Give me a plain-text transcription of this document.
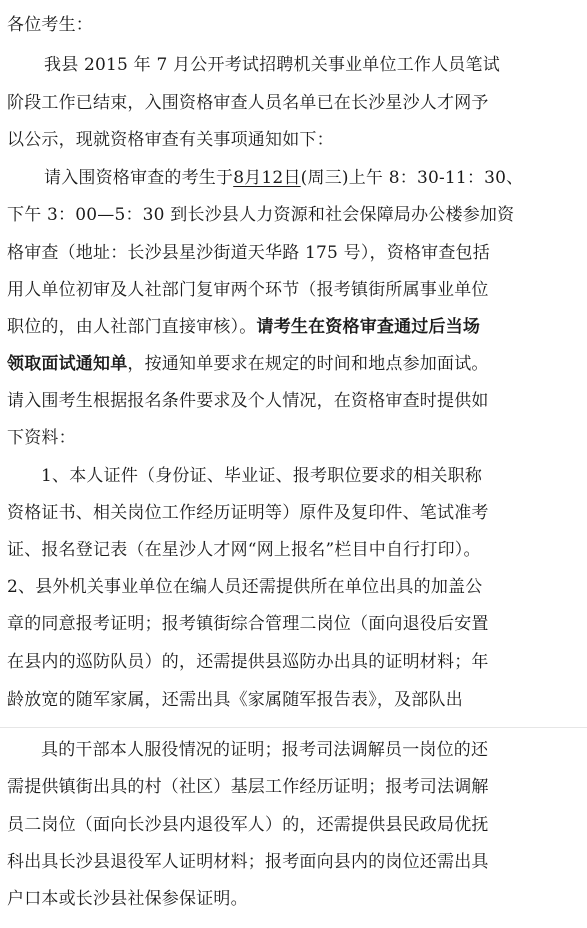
各位考生：
我县 2015 年 7 月公开考试招聘机关事业单位工作人员笔试
阶段工作已结束，入围资格审查人员名单已在长沙星沙人才网予
以公示，现就资格审查有关事项通知如下：
请入围资格审查的考生于8月12日(周三)上午 8：30-11：30、
下午 3：00—5：30 到长沙县人力资源和社会保障局办公楼参加资
格审查（地址：长沙县星沙街道天华路 175 号），资格审查包括
用人单位初审及人社部门复审两个环节（报考镇街所属事业单位
职位的，由人社部门直接审核）。请考生在资格审查通过后当场
领取面试通知单，按通知单要求在规定的时间和地点参加面试。
请入围考生根据报名条件要求及个人情况，在资格审查时提供如
下资料：
1、本人证件（身份证、毕业证、报考职位要求的相关职称
资格证书、相关岗位工作经历证明等）原件及复印件、笔试准考
证、报名登记表（在星沙人才网“网上报名”栏目中自行打印）。
2、县外机关事业单位在编人员还需提供所在单位出具的加盖公
章的同意报考证明；报考镇街综合管理二岗位（面向退役后安置
在县内的巡防队员）的，还需提供县巡防办出具的证明材料；年
龄放宽的随军家属，还需出具《家属随军报告表》，及部队出
具的干部本人服役情况的证明；报考司法调解员一岗位的还
需提供镇街出具的村（社区）基层工作经历证明；报考司法调解
员二岗位（面向长沙县内退役军人）的，还需提供县民政局优抚
科出具长沙县退役军人证明材料；报考面向县内的岗位还需出具
户口本或长沙县社保参保证明。
